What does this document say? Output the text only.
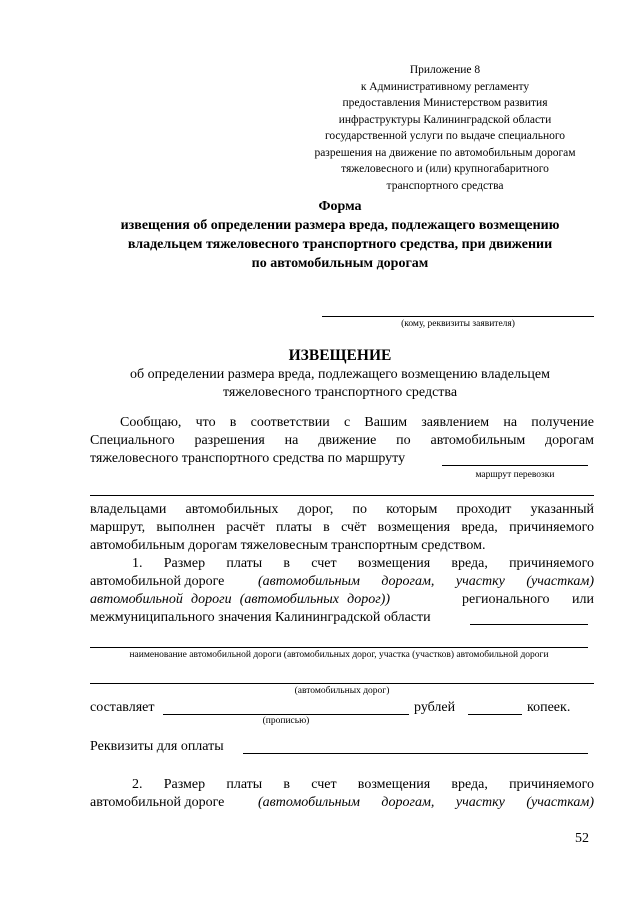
Приложение 8
к Административному регламенту
предоставления Министерством развития
инфраструктуры Калининградской области
государственной услуги по выдаче специального
разрешения на движение по автомобильным дорогам
тяжеловесного и (или) крупногабаритного
транспортного средства
Форма
извещения об определении размера вреда, подлежащего возмещению
владельцем тяжеловесного транспортного средства, при движении
по автомобильным дорогам
(кому, реквизиты заявителя)
ИЗВЕЩЕНИЕ
об определении размера вреда, подлежащего возмещению владельцем
тяжеловесного транспортного средства
Сообщаю, что в соответствии с Вашим заявлением на получение
Специального разрешения на движение по автомобильным дорогам
тяжеловесного транспортного средства по маршруту
маршрут перевозки
владельцами автомобильных дорог, по которым проходит указанный
маршрут, выполнен расчёт платы в счёт возмещения вреда, причиняемого
автомобильным дорогам тяжеловесным транспортным средством.
1. Размер платы в счет возмещения вреда, причиняемого
автомобильной дороге (автомобильным дорогам, участку (участкам)
автомобильной дороги (автомобильных дорог))	регионального или
межмуниципального значения Калининградской области
наименование автомобильной дороги (автомобильных дорог, участка (участков) автомобильной дороги
(автомобильных дорог)
составляет	рублей	копеек.
(прописью)
Реквизиты для оплаты
2. Размер платы в счет возмещения вреда, причиняемого
автомобильной дороге (автомобильным дорогам, участку (участкам)
52
